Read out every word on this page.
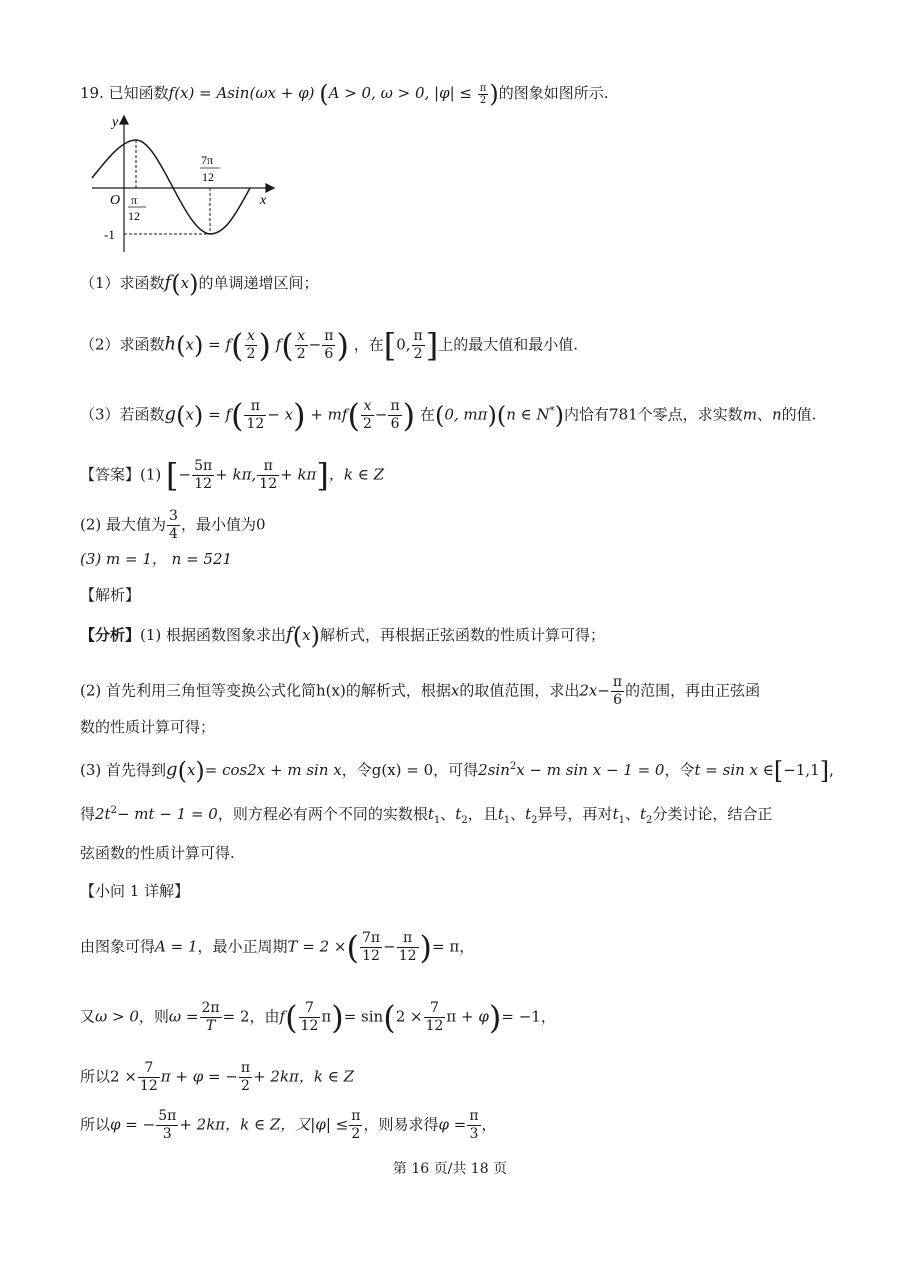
19. 已知函数f(x) = Asin(ωx + φ) (A > 0, ω > 0, $|\varphi| \le \frac{\pi}{2}$ )的图象如图所示.
y
x
O π
12
7π
12
-1
（1）求函数f(x)的单调递增区间；
（2）求函数$h(x) = f( \frac{x}{2}$ ) $f( \frac{x}{2} - \frac{\pi}{6}$ ) ，在[0, $\frac{\pi}{2}$ ]上的最大值和最小值.
（3）若函数$g(x) = f( \frac{\pi}{12} - x) + mf( \frac{x}{2} - \frac{\pi}{6}$ ) 在(0, mπ)(n ∈ N*)内恰有781个零点，求实数m、n的值.
【答案】(1) [− $\frac{5\pi}{12} + k\pi$, $\frac{\pi}{12} + k\pi$]，k ∈ Z
(2) 最大值为 $\frac{3}{4}$ ，最小值为0
(3) m = 1， n = 521
【解析】
【分析】(1) 根据函数图象求出f(x)解析式，再根据正弦函数的性质计算可得；
(2) 首先利用三角恒等变换公式化简h(x)的解析式，根据x的取值范围，求出$2x- \frac{\pi}{6}$ 的范围，再由正弦函
数的性质计算可得；
(3) 首先得到g(x)= cos2x + m sin x，令g(x) = 0，可得$2\sin^2x - m$ sin x − 1 = 0，令t = sin x ∈[−1,1],
得$2t^2-$ mt − 1 = 0，则方程必有两个不同的实数根$t_1$、$t_2$，且$t_1$、$t_2$异号，再对$t_1$、$t_2$分类讨论，结合正
弦函数的性质计算可得.
【小问 1 详解】
由图象可得A = 1，最小正周期T = 2 ×( $\frac{7\pi}{12} - \frac{\pi}{12}$ )= π，
又ω > 0，则$\omega = \frac{2\pi}{T} = 2$，由$f( \frac{7}{12} \pi)= \sin(2 \times \frac{7}{12}$ π + φ)= −1，
所以$2 \times \frac{7}{12}$ π + φ = − $\frac{\pi}{2} + 2k\pi$，k ∈ Z
所以φ = − $\frac{5\pi}{3} + 2k\pi$，k ∈ Z，又$|\varphi| \le \frac{\pi}{2}$ ，则易求得$\varphi = \frac{\pi}{3}$ ，
第 16 页/共 18 页
